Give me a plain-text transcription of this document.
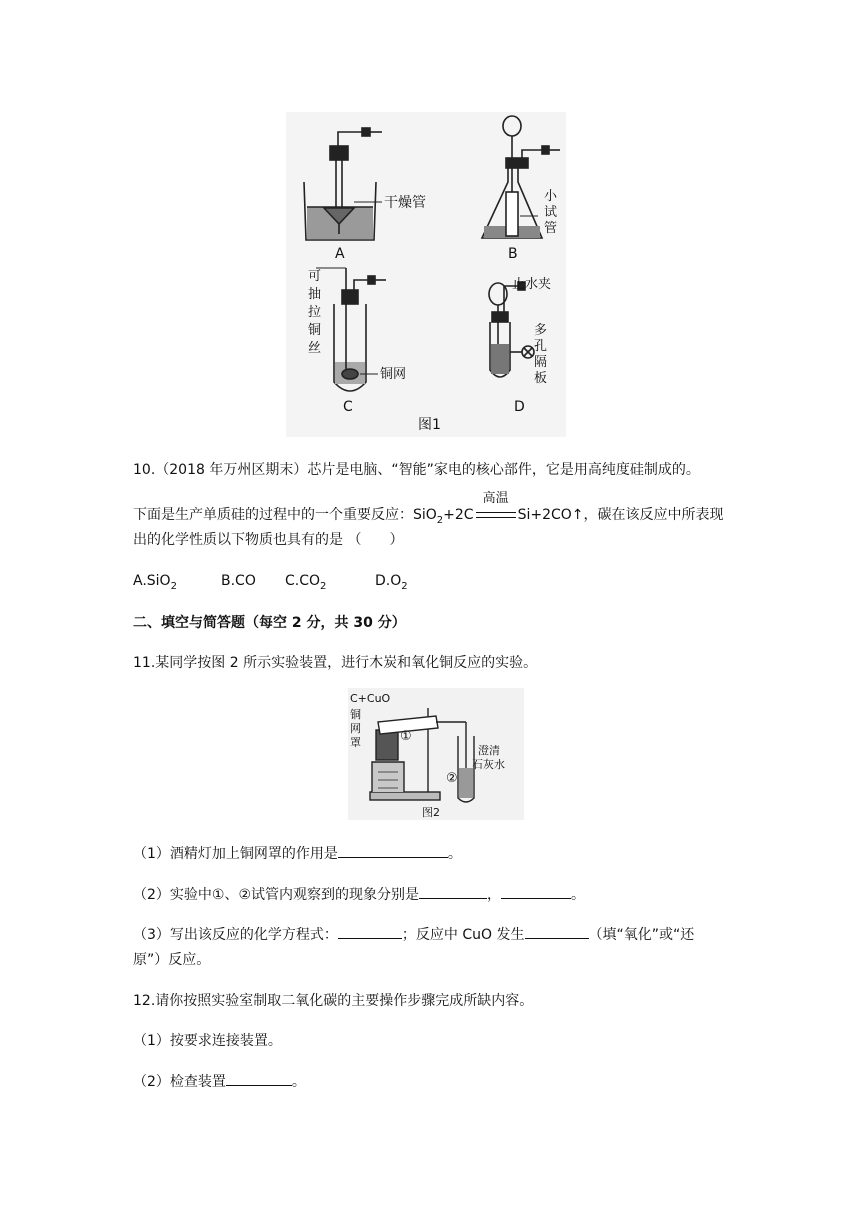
干燥管
A
小
试
管
B
可
抽
拉
铜
丝
铜网
C
止水夹
多
孔
隔
板
D
图1
10.（2018 年万州区期末）芯片是电脑、“智能”家电的核心部件，它是用高纯度硅制成的。
下面是生产单质硅的过程中的一个重要反应：SiO$_2$+2C
高温
Si+2CO↑，碳在该反应中所表现
出的化学性质以下物质也具有的是 （　　）
A.SiO$_2$	B.CO $C.CO_2$	$D.O_2$
二、填空与简答题（每空 2 分，共 30 分）
11.某同学按图 2 所示实验装置，进行木炭和氧化铜反应的实验。
C+CuO
铜
网
罩	①
②
澄清
石灰水
图2
（1）酒精灯加上铜网罩的作用是	。
（2）实验中①、②试管内观察到的现象分别是	，	。
（3）写出该反应的化学方程式：	；反应中 CuO 发生	（填“氧化”或“还
原”）反应。
12.请你按照实验室制取二氧化碳的主要操作步骤完成所缺内容。
（1）按要求连接装置。
（2）检查装置	。
